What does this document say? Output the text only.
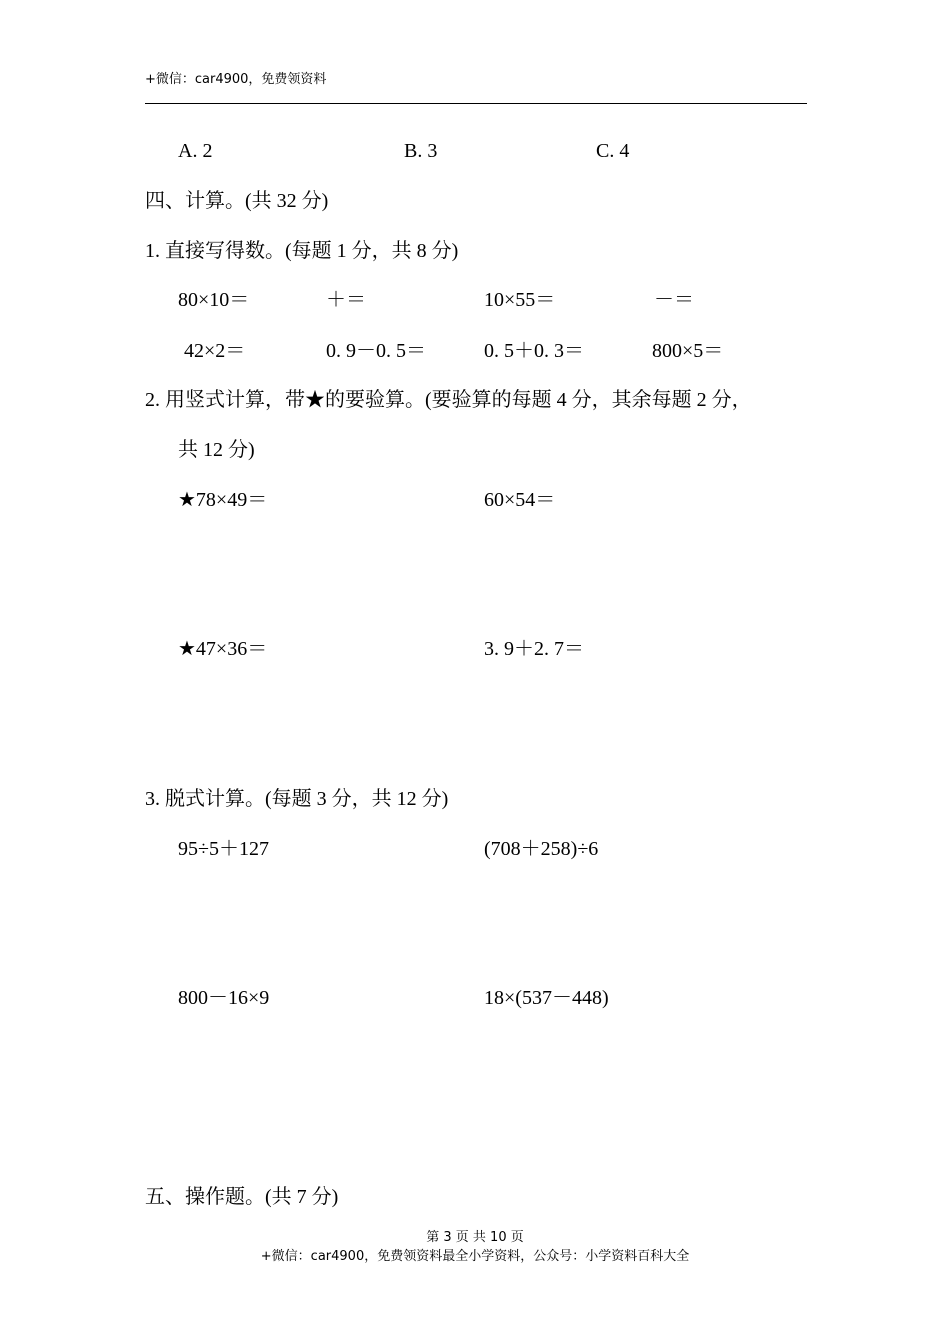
+微信：car4900，免费领资料
A. 2	B. 3	C. 4
四、计算。(共 32 分)
1. 直接写得数。(每题 1 分，共 8 分)
80×10＝	＋＝	10×55＝	－＝
42×2＝	0. 9－0. 5＝	0. 5＋0. 3＝	800×5＝
2. 用竖式计算，带★的要验算。(要验算的每题 4 分，其余每题 2 分，
共 12 分)
★78×49＝	60×54＝
★47×36＝	3. 9＋2. 7＝
3. 脱式计算。(每题 3 分，共 12 分)
95÷5＋127	(708＋258)÷6
800－16×9	18×(537－448)
五、操作题。(共 7 分)
第 3 页 共 10 页
+微信：car4900，免费领资料最全小学资料，公众号：小学资料百科大全
